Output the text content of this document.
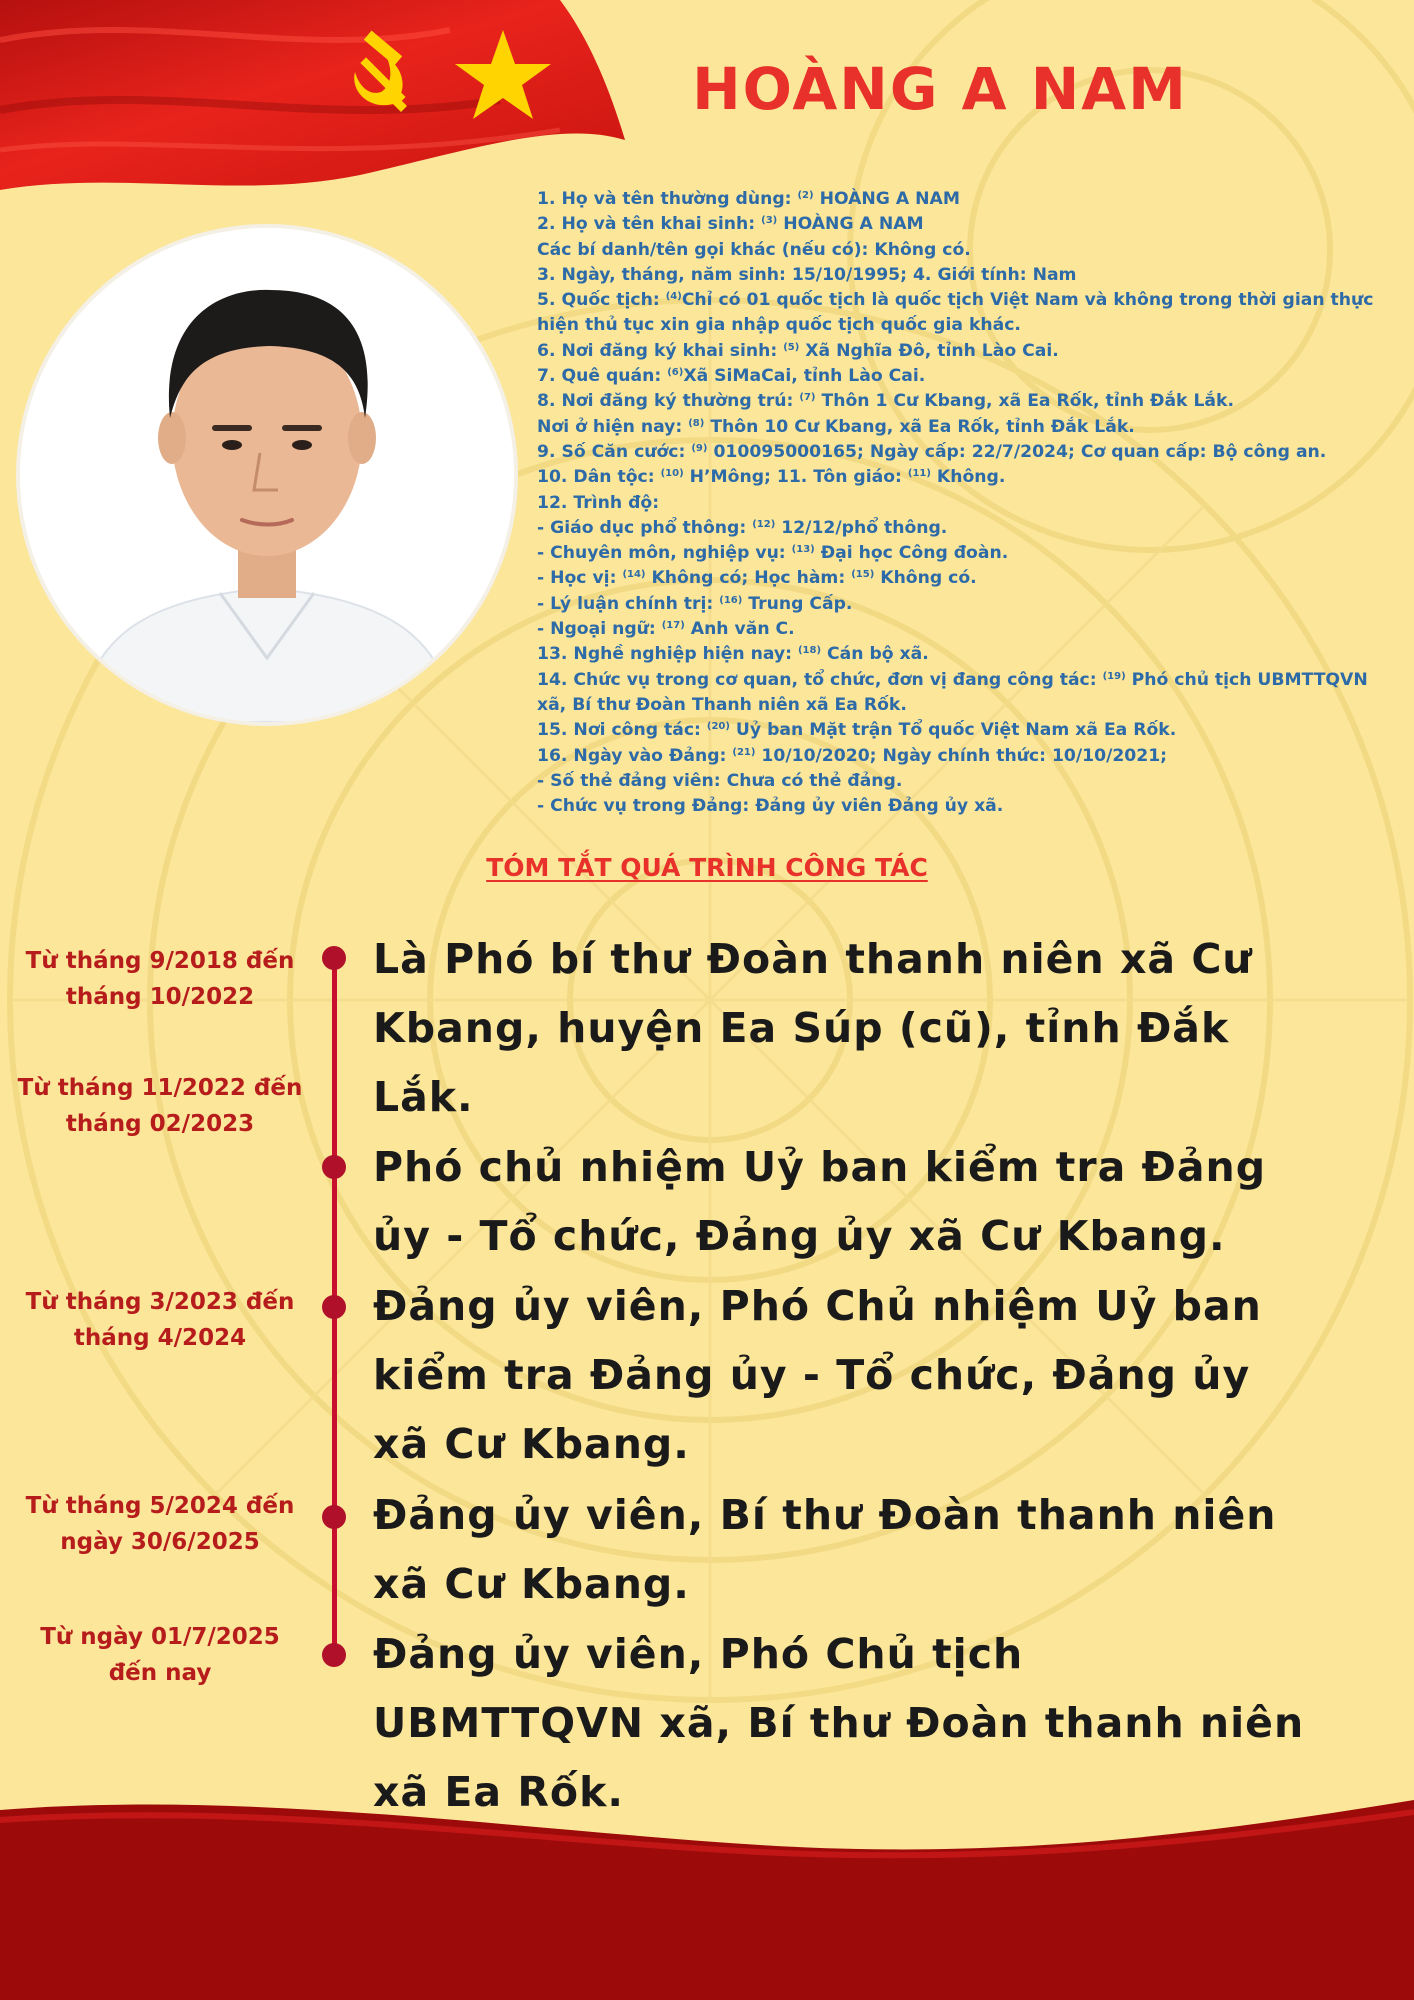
HOÀNG A NAM
1. Họ và tên thường dùng: $^{(2)}$ HOÀNG A NAM
2. Họ và tên khai sinh: $^{(3)}$ HOÀNG A NAM
Các bí danh/tên gọi khác (nếu có): Không có.
3. Ngày, tháng, năm sinh: 15/10/1995; 4. Giới tính: Nam
5. Quốc tịch: $^{(4)}$Chỉ có 01 quốc tịch là quốc tịch Việt Nam và không trong thời gian thực hiện thủ tục xin gia nhập quốc tịch quốc gia khác.
6. Nơi đăng ký khai sinh: $^{(5)}$ Xã Nghĩa Đô, tỉnh Lào Cai.
7. Quê quán: $^{(6)}$Xã SiMaCai, tỉnh Lào Cai.
8. Nơi đăng ký thường trú: $^{(7)}$ Thôn 1 Cư Kbang, xã Ea Rốk, tỉnh Đắk Lắk.
Nơi ở hiện nay: $^{(8)}$ Thôn 10 Cư Kbang, xã Ea Rốk, tỉnh Đắk Lắk.
9. Số Căn cước: $^{(9)}$ 010095000165; Ngày cấp: 22/7/2024; Cơ quan cấp: Bộ công an.
10. Dân tộc: $^{(10)}$ H’Mông; 11. Tôn giáo: $^{(11)}$ Không.
12. Trình độ:
- Giáo dục phổ thông: $^{(12)}$ 12/12/phổ thông.
- Chuyên môn, nghiệp vụ: $^{(13)}$ Đại học Công đoàn.
- Học vị: $^{(14)}$ Không có; Học hàm: $^{(15)}$ Không có.
- Lý luận chính trị: $^{(16)}$ Trung Cấp.
- Ngoại ngữ: $^{(17)}$ Anh văn C.
13. Nghề nghiệp hiện nay: $^{(18)}$ Cán bộ xã.
14. Chức vụ trong cơ quan, tổ chức, đơn vị đang công tác: $^{(19)}$ Phó chủ tịch UBMTTQVN xã, Bí thư Đoàn Thanh niên xã Ea Rốk.
15. Nơi công tác: $^{(20)}$ Uỷ ban Mặt trận Tổ quốc Việt Nam xã Ea Rốk.
16. Ngày vào Đảng: $^{(21)}$ 10/10/2020; Ngày chính thức: 10/10/2021;
- Số thẻ đảng viên: Chưa có thẻ đảng.
- Chức vụ trong Đảng: Đảng ủy viên Đảng ủy xã.
TÓM TẮT QUÁ TRÌNH CÔNG TÁC
Từ tháng 9/2018 đến
tháng 10/2022
Từ tháng 11/2022 đến
tháng 02/2023
Từ tháng 3/2023 đến
tháng 4/2024
Từ tháng 5/2024 đến
ngày 30/6/2025
Từ ngày 01/7/2025
đến nay
Là Phó bí thư Đoàn thanh niên xã Cư
Kbang, huyện Ea Súp (cũ), tỉnh Đắk
Lắk.
Phó chủ nhiệm Uỷ ban kiểm tra Đảng
ủy - Tổ chức, Đảng ủy xã Cư Kbang.
Đảng ủy viên, Phó Chủ nhiệm Uỷ ban
kiểm tra Đảng ủy - Tổ chức, Đảng ủy
xã Cư Kbang.
Đảng ủy viên, Bí thư Đoàn thanh niên
xã Cư Kbang.
Đảng ủy viên, Phó Chủ tịch
UBMTTQVN xã, Bí thư Đoàn thanh niên
xã Ea Rốk.
